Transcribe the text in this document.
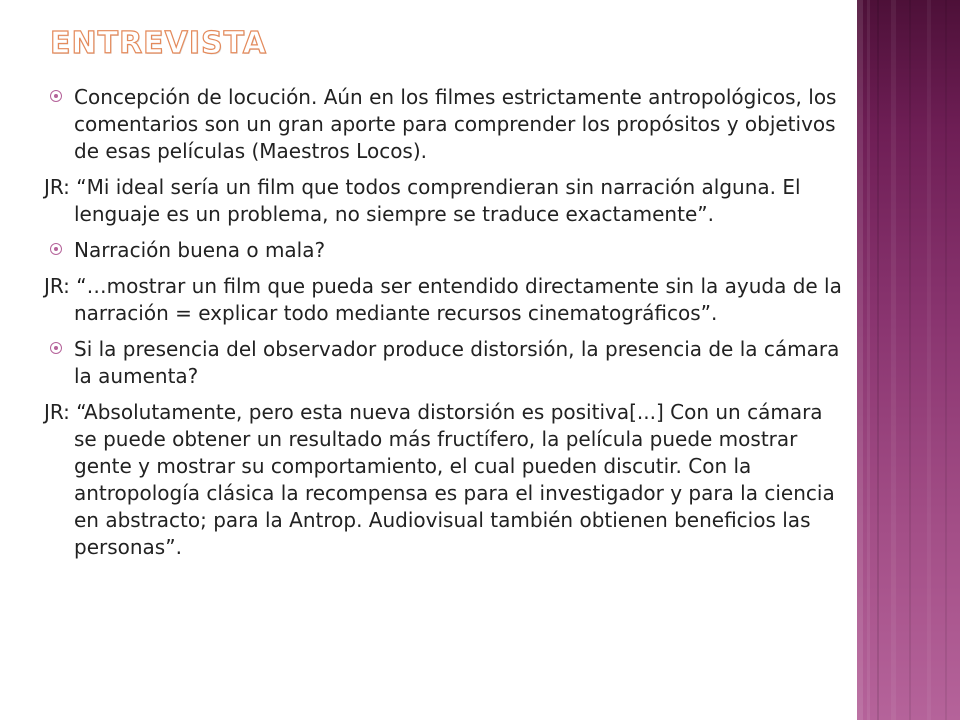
ENTREVISTA

Concepción de locución. Aún en los filmes estrictamente antropológicos, los comentarios son un gran aporte para comprender los propósitos y objetivos de esas películas (Maestros Locos).

JR: “Mi ideal sería un film que todos comprendieran sin narración alguna. El lenguaje es un problema, no siempre se traduce exactamente”.

Narración buena o mala?

JR: “…mostrar un film que pueda ser entendido directamente sin la ayuda de la narración = explicar todo mediante recursos cinematográficos”.

Si la presencia del observador produce distorsión, la presencia de la cámara la aumenta?

JR: “Absolutamente, pero esta nueva distorsión es positiva[...] Con un cámara se puede obtener un resultado más fructífero, la película puede mostrar gente y mostrar su comportamiento, el cual pueden discutir. Con la antropología clásica la recompensa es para el investigador y para la ciencia en abstracto; para la Antrop. Audiovisual también obtienen beneficios las personas”.
